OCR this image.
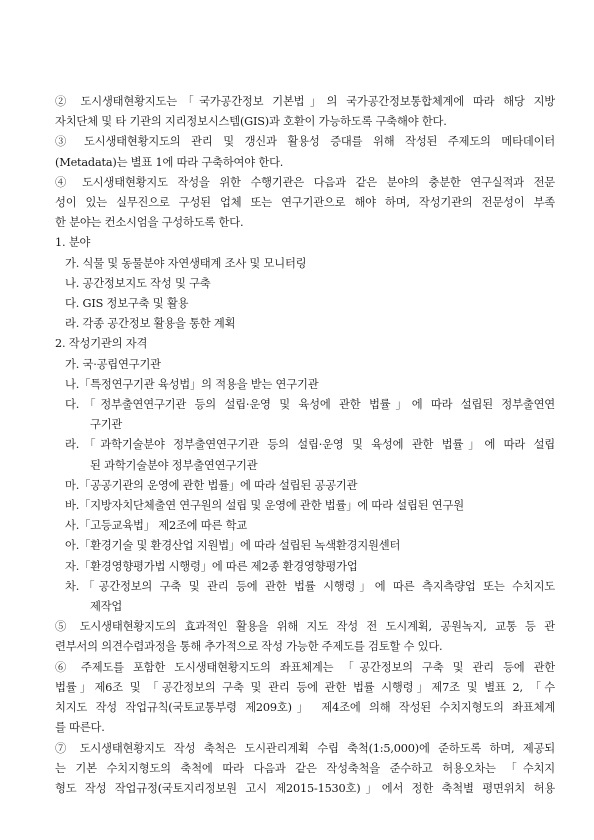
② 도시생태현황지도는「국가공간정보 기본법」의 국가공간정보통합체계에 따라 해당 지방

자치단체 및 타 기관의 지리정보시스템(GIS)과 호환이 가능하도록 구축해야 한다.

③ 도시생태현황지도의 관리 및 갱신과 활용성 증대를 위해 작성된 주제도의 메타데이터

(Metadata)는 별표 1에 따라 구축하여야 한다.

④ 도시생태현황지도 작성을 위한 수행기관은 다음과 같은 분야의 충분한 연구실적과 전문

성이 있는 실무진으로 구성된 업체 또는 연구기관으로 해야 하며, 작성기관의 전문성이 부족

한 분야는 컨소시엄을 구성하도록 한다.

1. 분야

가. 식물 및 동물분야 자연생태계 조사 및 모니터링

나. 공간정보지도 작성 및 구축

다. GIS 정보구축 및 활용

라. 각종 공간정보 활용을 통한 계획

2. 작성기관의 자격

가. 국·공립연구기관

나.「특정연구기관 육성법」의 적용을 받는 연구기관

다.「정부출연연구기관 등의 설립·운영 및 육성에 관한 법률」에 따라 설립된 정부출연연

구기관

라.「과학기술분야 정부출연연구기관 등의 설립·운영 및 육성에 관한 법률」에 따라 설립

된 과학기술분야 정부출연연구기관

마.「공공기관의 운영에 관한 법률」에 따라 설립된 공공기관

바.「지방자치단체출연 연구원의 설립 및 운영에 관한 법률」에 따라 설립된 연구원

사.「고등교육법」 제2조에 따른 학교

아.「환경기술 및 환경산업 지원법」에 따라 설립된 녹색환경지원센터

자.「환경영향평가법 시행령」에 따른 제2종 환경영향평가업

차.「공간정보의 구축 및 관리 등에 관한 법률 시행령」에 따른 측지측량업 또는 수치지도

제작업

⑤ 도시생태현황지도의 효과적인 활용을 위해 지도 작성 전 도시계획, 공원녹지, 교통 등 관

련부서의 의견수렴과정을 통해 추가적으로 작성 가능한 주제도를 검토할 수 있다.

⑥ 주제도를 포함한 도시생태현황지도의 좌표체계는 「공간정보의 구축 및 관리 등에 관한

법률」제6조 및 「공간정보의 구축 및 관리 등에 관한 법률 시행령」제7조 및 별표 2, 「수

치지도 작성 작업규칙(국토교통부령 제209호)」 제4조에 의해 작성된 수치지형도의 좌표체계

를 따른다.

⑦ 도시생태현황지도 작성 축척은 도시관리계획 수립 축척(1:5,000)에 준하도록 하며, 제공되

는 기본 수치지형도의 축척에 따라 다음과 같은 작성축척을 준수하고 허용오차는 「수치지

형도 작성 작업규정(국토지리정보원 고시 제2015-1530호)」에서 정한 축척별 평면위치 허용
